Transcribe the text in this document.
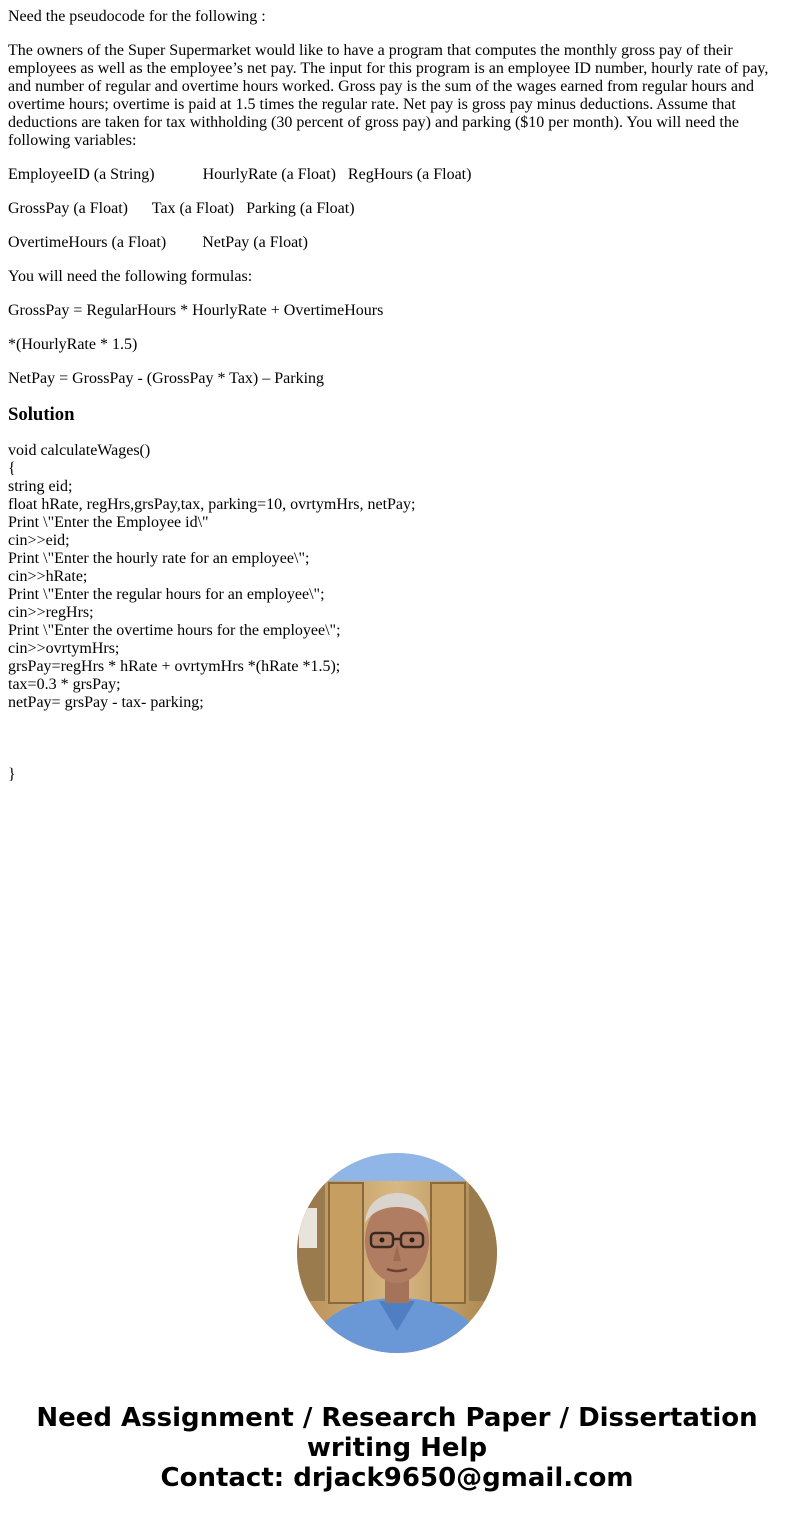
Need the pseudocode for the following :

The owners of the Super Supermarket would like to have a program that computes the monthly gross pay of their employees as well as the employee’s net pay. The input for this program is an employee ID number, hourly rate of pay, and number of regular and overtime hours worked. Gross pay is the sum of the wages earned from regular hours and overtime hours; overtime is paid at 1.5 times the regular rate. Net pay is gross pay minus deductions. Assume that deductions are taken for tax withholding (30 percent of gross pay) and parking ($10 per month). You will need the following variables:

EmployeeID (a String)	HourlyRate (a Float) RegHours (a Float)

GrossPay (a Float) Tax (a Float) Parking (a Float)

OvertimeHours (a Float) NetPay (a Float)

You will need the following formulas:

GrossPay = RegularHours * HourlyRate + OvertimeHours

*(HourlyRate * 1.5)

NetPay = GrossPay - (GrossPay * Tax) – Parking

Solution
void calculateWages()
{
string eid;
float hRate, regHrs,grsPay,tax, parking=10, ovrtymHrs, netPay;
Print \"Enter the Employee id\"
cin>>eid;
Print \"Enter the hourly rate for an employee\";
cin>>hRate;
Print \"Enter the regular hours for an employee\";
cin>>regHrs;
Print \"Enter the overtime hours for the employee\";
cin>>ovrtymHrs;
grsPay=regHrs * hRate + ovrtymHrs *(hRate *1.5);
tax=0.3 * grsPay;
netPay= grsPay - tax- parking;
}
Need Assignment / Research Paper / Dissertation
writing Help
Contact: drjack9650@gmail.com
